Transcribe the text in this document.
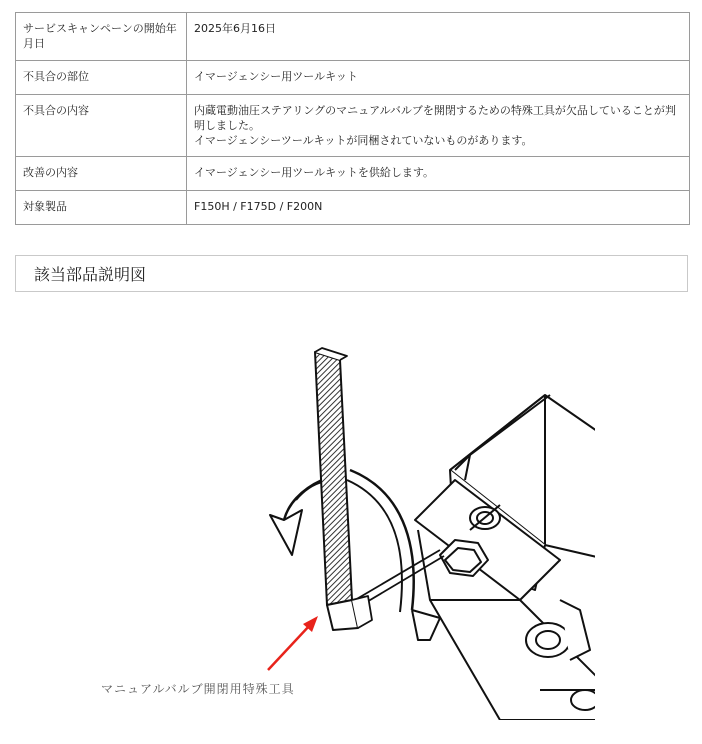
サービスキャンペーンの開始年月日	2025年6月16日
不具合の部位	イマージェンシー用ツールキット
不具合の内容	内蔵電動油圧ステアリングのマニュアルバルブを開閉するための特殊工具が欠品していることが判明しました。
イマージェンシーツールキットが同梱されていないものがあります。

改善の内容	イマージェンシー用ツールキットを供給します。
対象製品	F150H / F175D / F200N
該当部品説明図
マニュアルバルブ開閉用特殊工具
